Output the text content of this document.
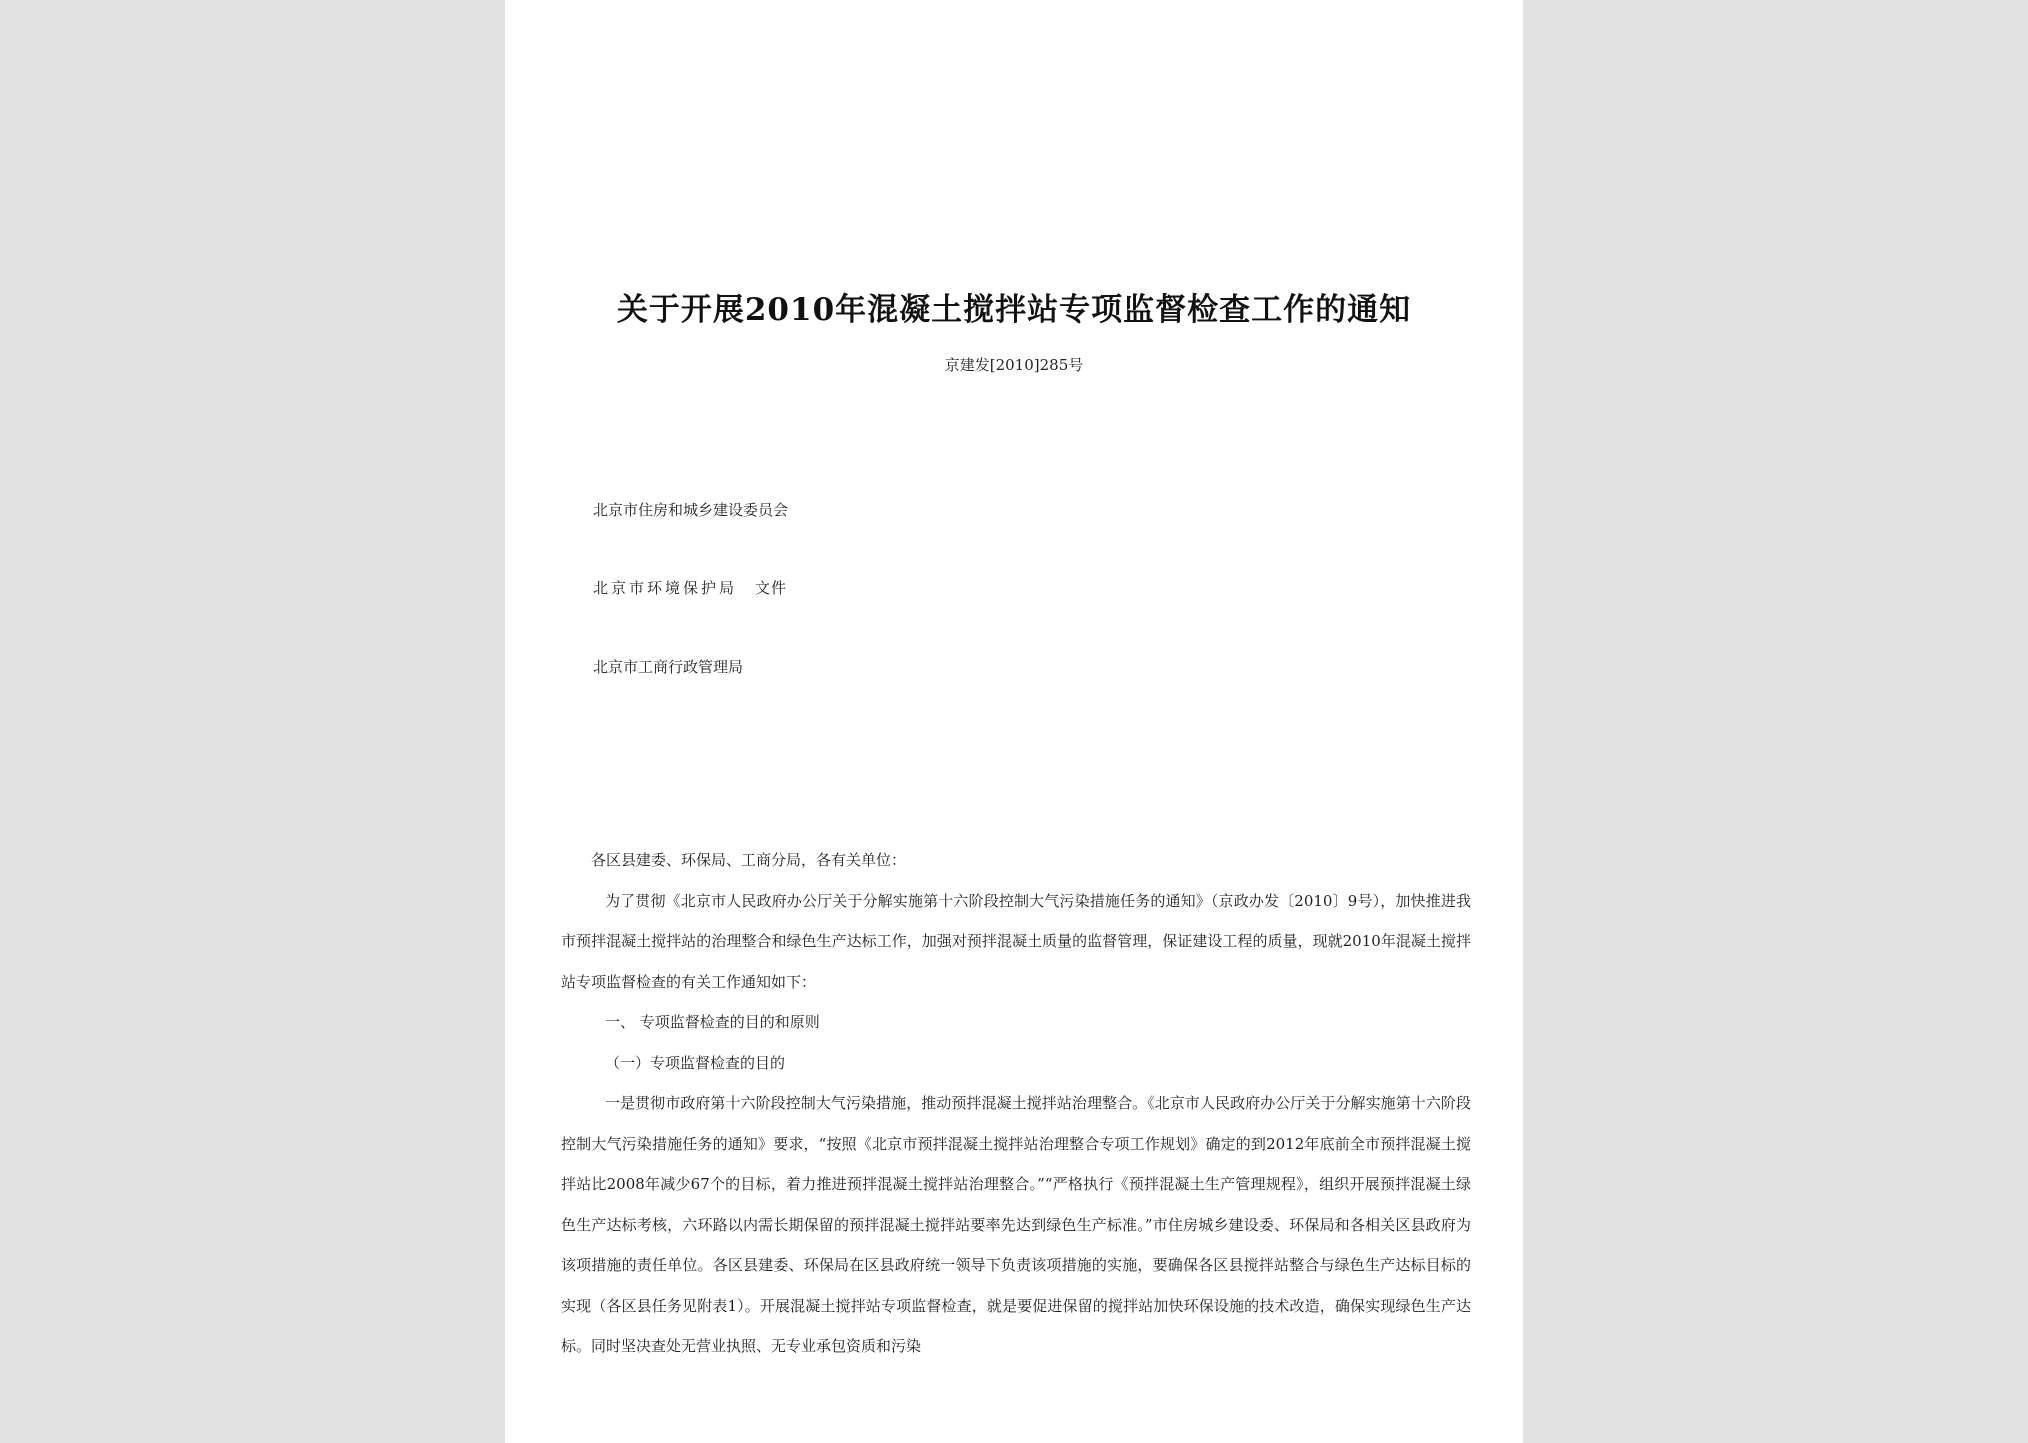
关于开展2010年混凝土搅拌站专项监督检查工作的通知
京建发[2010]285号
北京市住房和城乡建设委员会
北京市环境保护局 文件
北京市工商行政管理局

各区县建委、环保局、工商分局，各有关单位：

为了贯彻《北京市人民政府办公厅关于分解实施第十六阶段控制大气污染措施任务的通知》（京政办发〔2010〕9号），加快推进我市预拌混凝土搅拌站的治理整合和绿色生产达标工作，加强对预拌混凝土质量的监督管理，保证建设工程的质量，现就2010年混凝土搅拌站专项监督检查的有关工作通知如下：

一、 专项监督检查的目的和原则

（一）专项监督检查的目的

一是贯彻市政府第十六阶段控制大气污染措施，推动预拌混凝土搅拌站治理整合。《北京市人民政府办公厅关于分解实施第十六阶段控制大气污染措施任务的通知》要求，“按照《北京市预拌混凝土搅拌站治理整合专项工作规划》确定的到2012年底前全市预拌混凝土搅拌站比2008年减少67个的目标，着力推进预拌混凝土搅拌站治理整合。”“严格执行《预拌混凝土生产管理规程》，组织开展预拌混凝土绿色生产达标考核，六环路以内需长期保留的预拌混凝土搅拌站要率先达到绿色生产标准。”市住房城乡建设委、环保局和各相关区县政府为该项措施的责任单位。各区县建委、环保局在区县政府统一领导下负责该项措施的实施，要确保各区县搅拌站整合与绿色生产达标目标的实现（各区县任务见附表1）。开展混凝土搅拌站专项监督检查，就是要促进保留的搅拌站加快环保设施的技术改造，确保实现绿色生产达标。同时坚决查处无营业执照、无专业承包资质和污染
